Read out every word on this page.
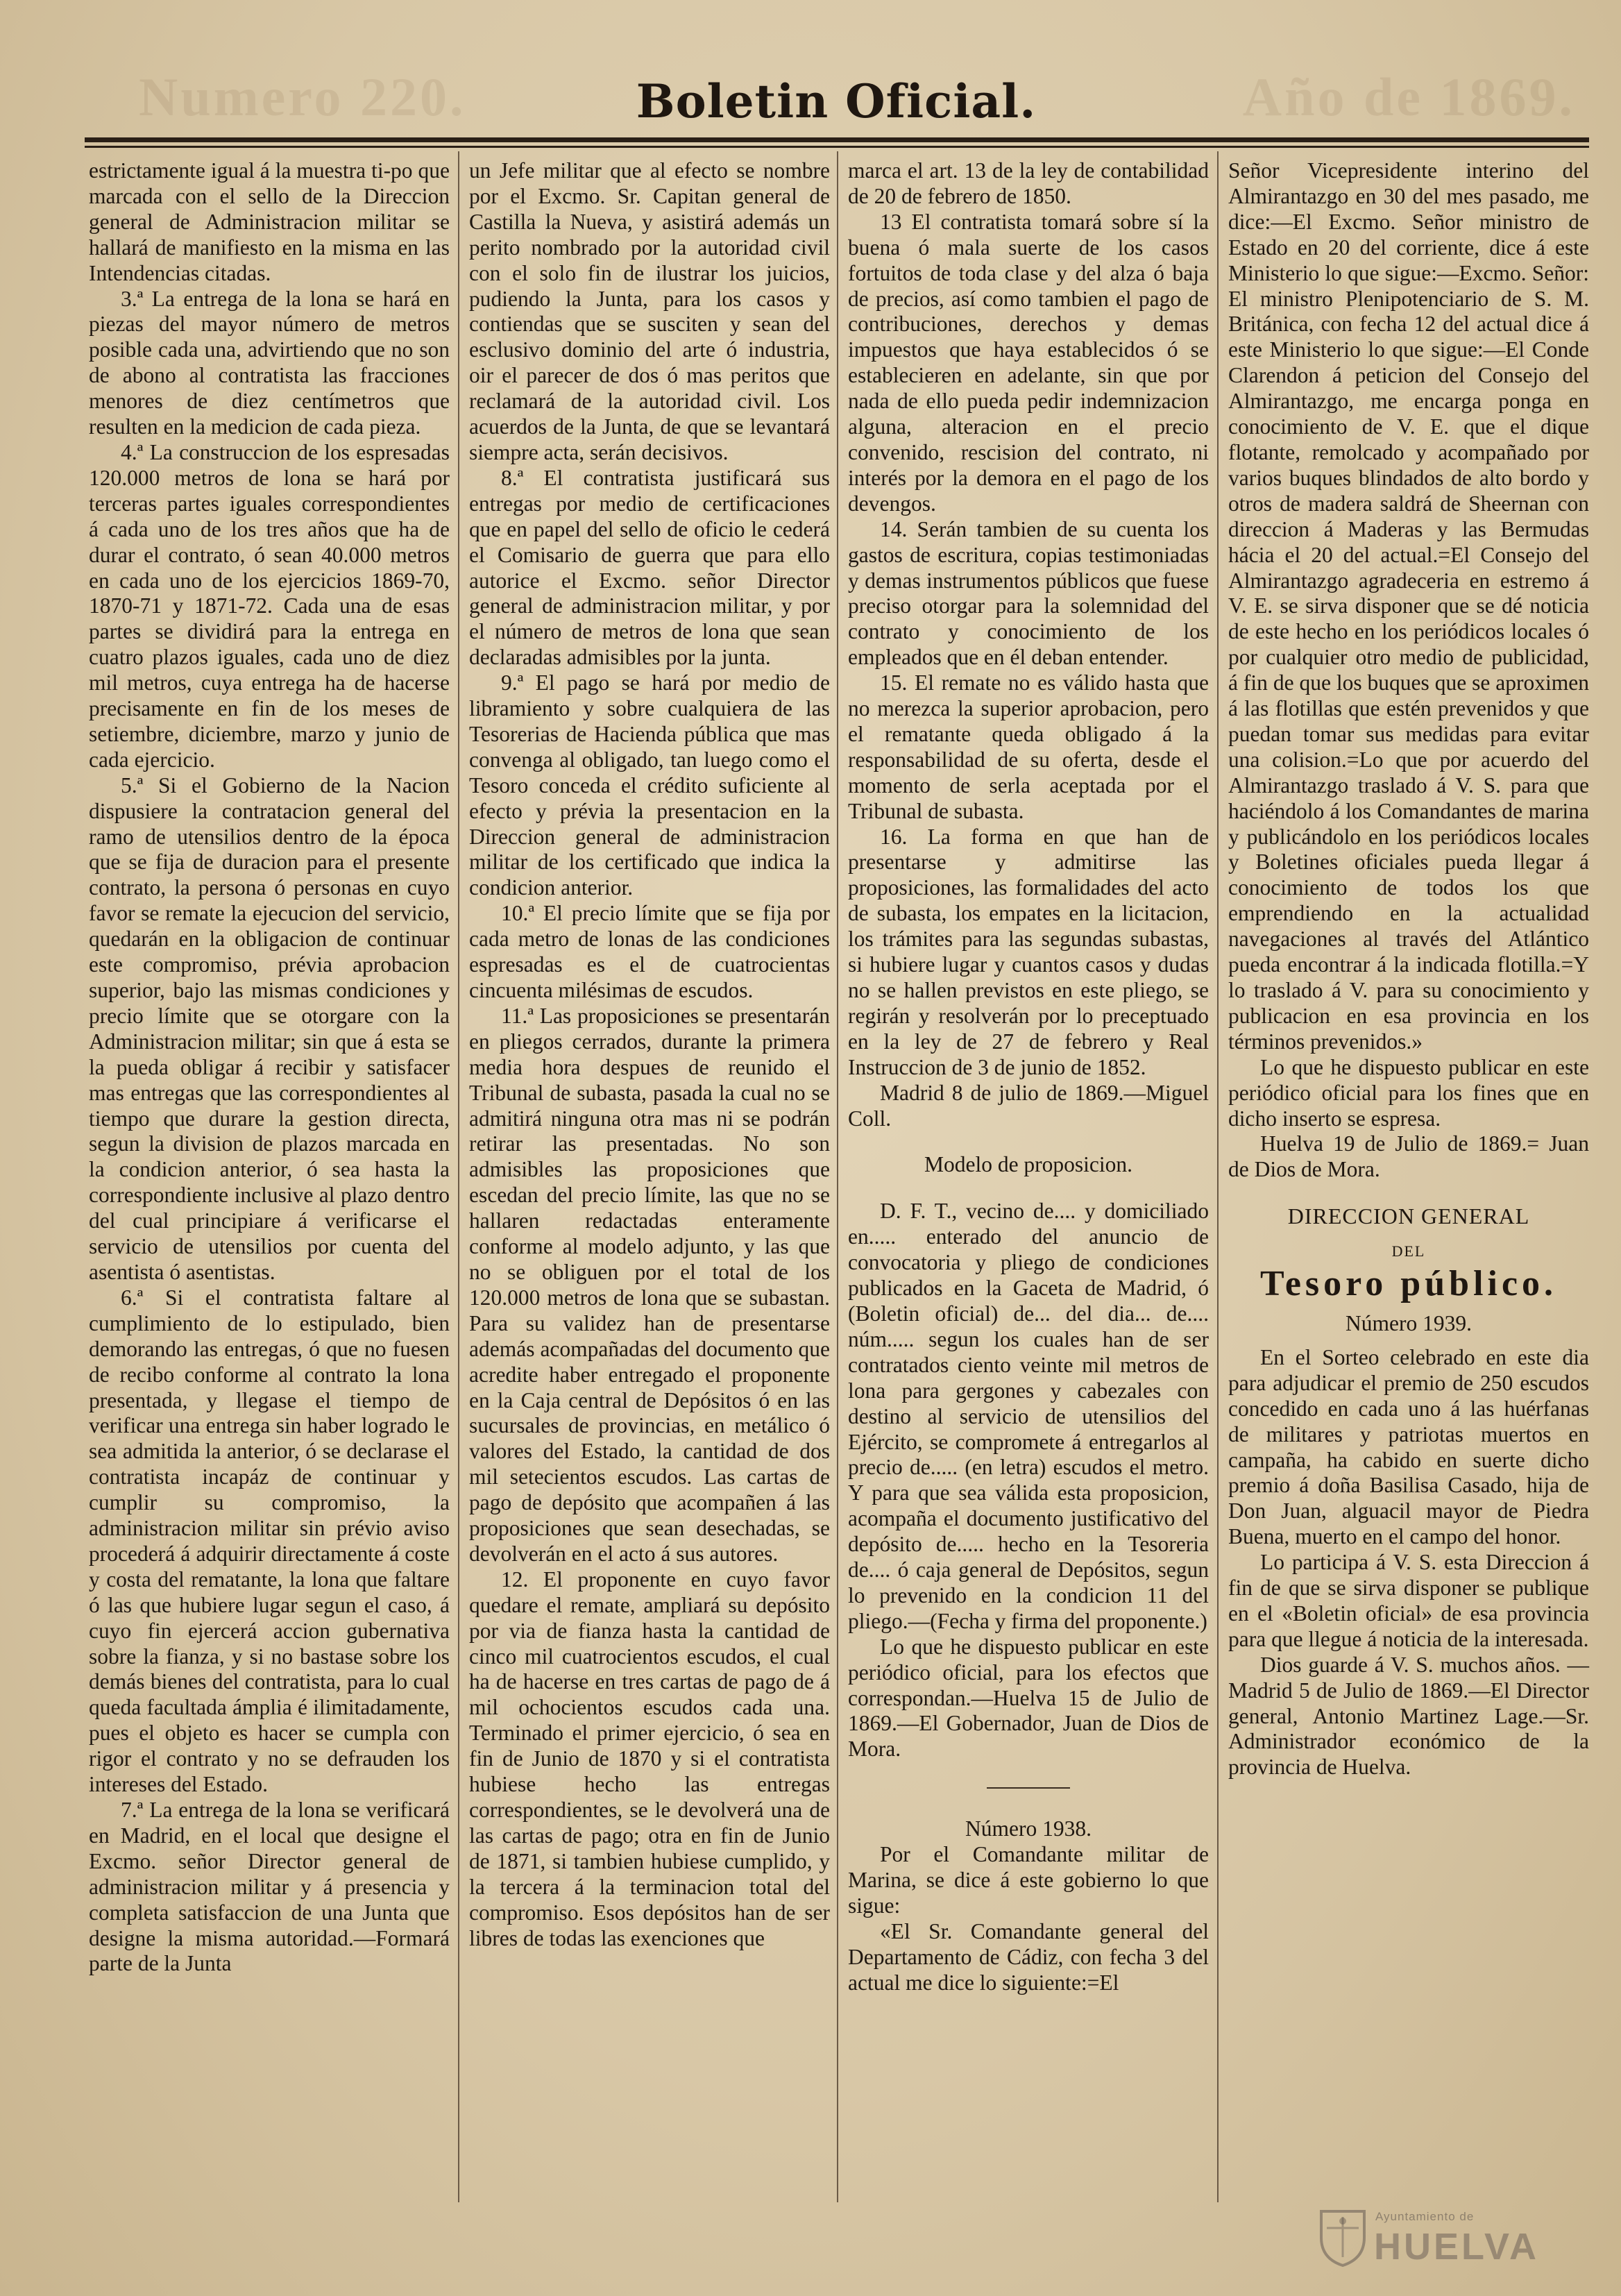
Numero 220.	Año de 1869.
Boletin Oficial.

estrictamente igual á la muestra ti-po que marcada con el sello de la Direccion general de Administracion militar se hallará de manifiesto en la misma en las Intendencias citadas.

3.ª La entrega de la lona se hará en piezas del mayor número de metros posible cada una, advirtiendo que no son de abono al contratista las fracciones menores de diez centímetros que resulten en la medicion de cada pieza.

4.ª La construccion de los espresadas 120.000 metros de lona se hará por terceras partes iguales correspondientes á cada uno de los tres años que ha de durar el contrato, ó sean 40.000 metros en cada uno de los ejercicios 1869-70, 1870-71 y 1871-72. Cada una de esas partes se dividirá para la entrega en cuatro plazos iguales, cada uno de diez mil metros, cuya entrega ha de hacerse precisamente en fin de los meses de setiembre, diciembre, marzo y junio de cada ejercicio.

5.ª Si el Gobierno de la Nacion dispusiere la contratacion general del ramo de utensilios dentro de la época que se fija de duracion para el presente contrato, la persona ó personas en cuyo favor se remate la ejecucion del servicio, quedarán en la obligacion de continuar este compromiso, prévia aprobacion superior, bajo las mismas condiciones y precio límite que se otorgare con la Administracion militar; sin que á esta se la pueda obligar á recibir y satisfacer mas entregas que las correspondientes al tiempo que durare la gestion directa, segun la division de plazos marcada en la condicion anterior, ó sea hasta la correspondiente inclusive al plazo dentro del cual principiare á verificarse el servicio de utensilios por cuenta del asentista ó asentistas.

6.ª Si el contratista faltare al cumplimiento de lo estipulado, bien demorando las entregas, ó que no fuesen de recibo conforme al contrato la lona presentada, y llegase el tiempo de verificar una entrega sin haber logrado le sea admitida la anterior, ó se declarase el contratista incapáz de continuar y cumplir su compromiso, la administracion militar sin prévio aviso procederá á adquirir directamente á coste y costa del rematante, la lona que faltare ó las que hubiere lugar segun el caso, á cuyo fin ejercerá accion gubernativa sobre la fianza, y si no bastase sobre los demás bienes del contratista, para lo cual queda facultada ámplia é ilimitadamente, pues el objeto es hacer se cumpla con rigor el contrato y no se defrauden los intereses del Estado.

7.ª La entrega de la lona se verificará en Madrid, en el local que designe el Excmo. señor Director general de administracion militar y á presencia y completa satisfaccion de una Junta que designe la misma autoridad.—Formará parte de la Junta

un Jefe militar que al efecto se nombre por el Excmo. Sr. Capitan general de Castilla la Nueva, y asistirá además un perito nombrado por la autoridad civil con el solo fin de ilustrar los juicios, pudiendo la Junta, para los casos y contiendas que se susciten y sean del esclusivo dominio del arte ó industria, oir el parecer de dos ó mas peritos que reclamará de la autoridad civil. Los acuerdos de la Junta, de que se levantará siempre acta, serán decisivos.

8.ª El contratista justificará sus entregas por medio de certificaciones que en papel del sello de oficio le cederá el Comisario de guerra que para ello autorice el Excmo. señor Director general de administracion militar, y por el número de metros de lona que sean declaradas admisibles por la junta.

9.ª El pago se hará por medio de libramiento y sobre cualquiera de las Tesorerias de Hacienda pública que mas convenga al obligado, tan luego como el Tesoro conceda el crédito suficiente al efecto y prévia la presentacion en la Direccion general de administracion militar de los certificado que indica la condicion anterior.

10.ª El precio límite que se fija por cada metro de lonas de las condiciones espresadas es el de cuatrocientas cincuenta milésimas de escudos.

11.ª Las proposiciones se presentarán en pliegos cerrados, durante la primera media hora despues de reunido el Tribunal de subasta, pasada la cual no se admitirá ninguna otra mas ni se podrán retirar las presentadas. No son admisibles las proposiciones que escedan del precio límite, las que no se hallaren redactadas enteramente conforme al modelo adjunto, y las que no se obliguen por el total de los 120.000 metros de lona que se subastan. Para su validez han de presentarse además acompañadas del documento que acredite haber entregado el proponente en la Caja central de Depósitos ó en las sucursales de provincias, en metálico ó valores del Estado, la cantidad de dos mil setecientos escudos. Las cartas de pago de depósito que acompañen á las proposiciones que sean desechadas, se devolverán en el acto á sus autores.

12. El proponente en cuyo favor quedare el remate, ampliará su depósito por via de fianza hasta la cantidad de cinco mil cuatrocientos escudos, el cual ha de hacerse en tres cartas de pago de á mil ochocientos escudos cada una. Terminado el primer ejercicio, ó sea en fin de Junio de 1870 y si el contratista hubiese hecho las entregas correspondientes, se le devolverá una de las cartas de pago; otra en fin de Junio de 1871, si tambien hubiese cumplido, y la tercera á la terminacion total del compromiso. Esos depósitos han de ser libres de todas las exenciones que

marca el art. 13 de la ley de contabilidad de 20 de febrero de 1850.

13 El contratista tomará sobre sí la buena ó mala suerte de los casos fortuitos de toda clase y del alza ó baja de precios, así como tambien el pago de contribuciones, derechos y demas impuestos que haya establecidos ó se establecieren en adelante, sin que por nada de ello pueda pedir indemnizacion alguna, alteracion en el precio convenido, rescision del contrato, ni interés por la demora en el pago de los devengos.

14. Serán tambien de su cuenta los gastos de escritura, copias testimoniadas y demas instrumentos públicos que fuese preciso otorgar para la solemnidad del contrato y conocimiento de los empleados que en él deban entender.

15. El remate no es válido hasta que no merezca la superior aprobacion, pero el rematante queda obligado á la responsabilidad de su oferta, desde el momento de serla aceptada por el Tribunal de subasta.

16. La forma en que han de presentarse y admitirse las proposiciones, las formalidades del acto de subasta, los empates en la licitacion, los trámites para las segundas subastas, si hubiere lugar y cuantos casos y dudas no se hallen previstos en este pliego, se regirán y resolverán por lo preceptuado en la ley de 27 de febrero y Real Instruccion de 3 de junio de 1852.

Madrid 8 de julio de 1869.—Miguel Coll.

Modelo de proposicion.

D. F. T., vecino de.... y domiciliado en..... enterado del anuncio de convocatoria y pliego de condiciones publicados en la Gaceta de Madrid, ó (Boletin oficial) de... del dia... de.... núm..... segun los cuales han de ser contratados ciento veinte mil metros de lona para gergones y cabezales con destino al servicio de utensilios del Ejército, se compromete á entregarlos al precio de..... (en letra) escudos el metro. Y para que sea válida esta proposicion, acompaña el documento justificativo del depósito de..... hecho en la Tesoreria de.... ó caja general de Depósitos, segun lo prevenido en la condicion 11 del pliego.—(Fecha y firma del proponente.)

Lo que he dispuesto publicar en este periódico oficial, para los efectos que correspondan.—Huelva 15 de Julio de 1869.—El Gobernador, Juan de Dios de Mora.

Número 1938.

Por el Comandante militar de Marina, se dice á este gobierno lo que sigue:

«El Sr. Comandante general del Departamento de Cádiz, con fecha 3 del actual me dice lo siguiente:=El

Señor Vicepresidente interino del Almirantazgo en 30 del mes pasado, me dice:—El Excmo. Señor ministro de Estado en 20 del corriente, dice á este Ministerio lo que sigue:—Excmo. Señor: El ministro Plenipotenciario de S. M. Británica, con fecha 12 del actual dice á este Ministerio lo que sigue:—El Conde Clarendon á peticion del Consejo del Almirantazgo, me encarga ponga en conocimiento de V. E. que el dique flotante, remolcado y acompañado por varios buques blindados de alto bordo y otros de madera saldrá de Sheernan con direccion á Maderas y las Bermudas hácia el 20 del actual.=El Consejo del Almirantazgo agradeceria en estremo á V. E. se sirva disponer que se dé noticia de este hecho en los periódicos locales ó por cualquier otro medio de publicidad, á fin de que los buques que se aproximen á las flotillas que estén prevenidos y que puedan tomar sus medidas para evitar una colision.=Lo que por acuerdo del Almirantazgo traslado á V. S. para que haciéndolo á los Comandantes de marina y publicándolo en los periódicos locales y Boletines oficiales pueda llegar á conocimiento de todos los que emprendiendo en la actualidad navegaciones al través del Atlántico pueda encontrar á la indicada flotilla.=Y lo traslado á V. para su conocimiento y publicacion en esa provincia en los términos prevenidos.»

Lo que he dispuesto publicar en este periódico oficial para los fines que en dicho inserto se espresa.

Huelva 19 de Julio de 1869.= Juan de Dios de Mora.

DIRECCION GENERAL
DEL
Tesoro público.

Número 1939.

En el Sorteo celebrado en este dia para adjudicar el premio de 250 escudos concedido en cada uno á las huérfanas de militares y patriotas muertos en campaña, ha cabido en suerte dicho premio á doña Basilisa Casado, hija de Don Juan, alguacil mayor de Piedra Buena, muerto en el campo del honor.

Lo participa á V. S. esta Direccion á fin de que se sirva disponer se publique en el «Boletin oficial» de esa provincia para que llegue á noticia de la interesada.

Dios guarde á V. S. muchos años. —Madrid 5 de Julio de 1869.—El Director general, Antonio Martinez Lage.—Sr. Administrador económico de la provincia de Huelva.

Ayuntamiento de
HUELVA
